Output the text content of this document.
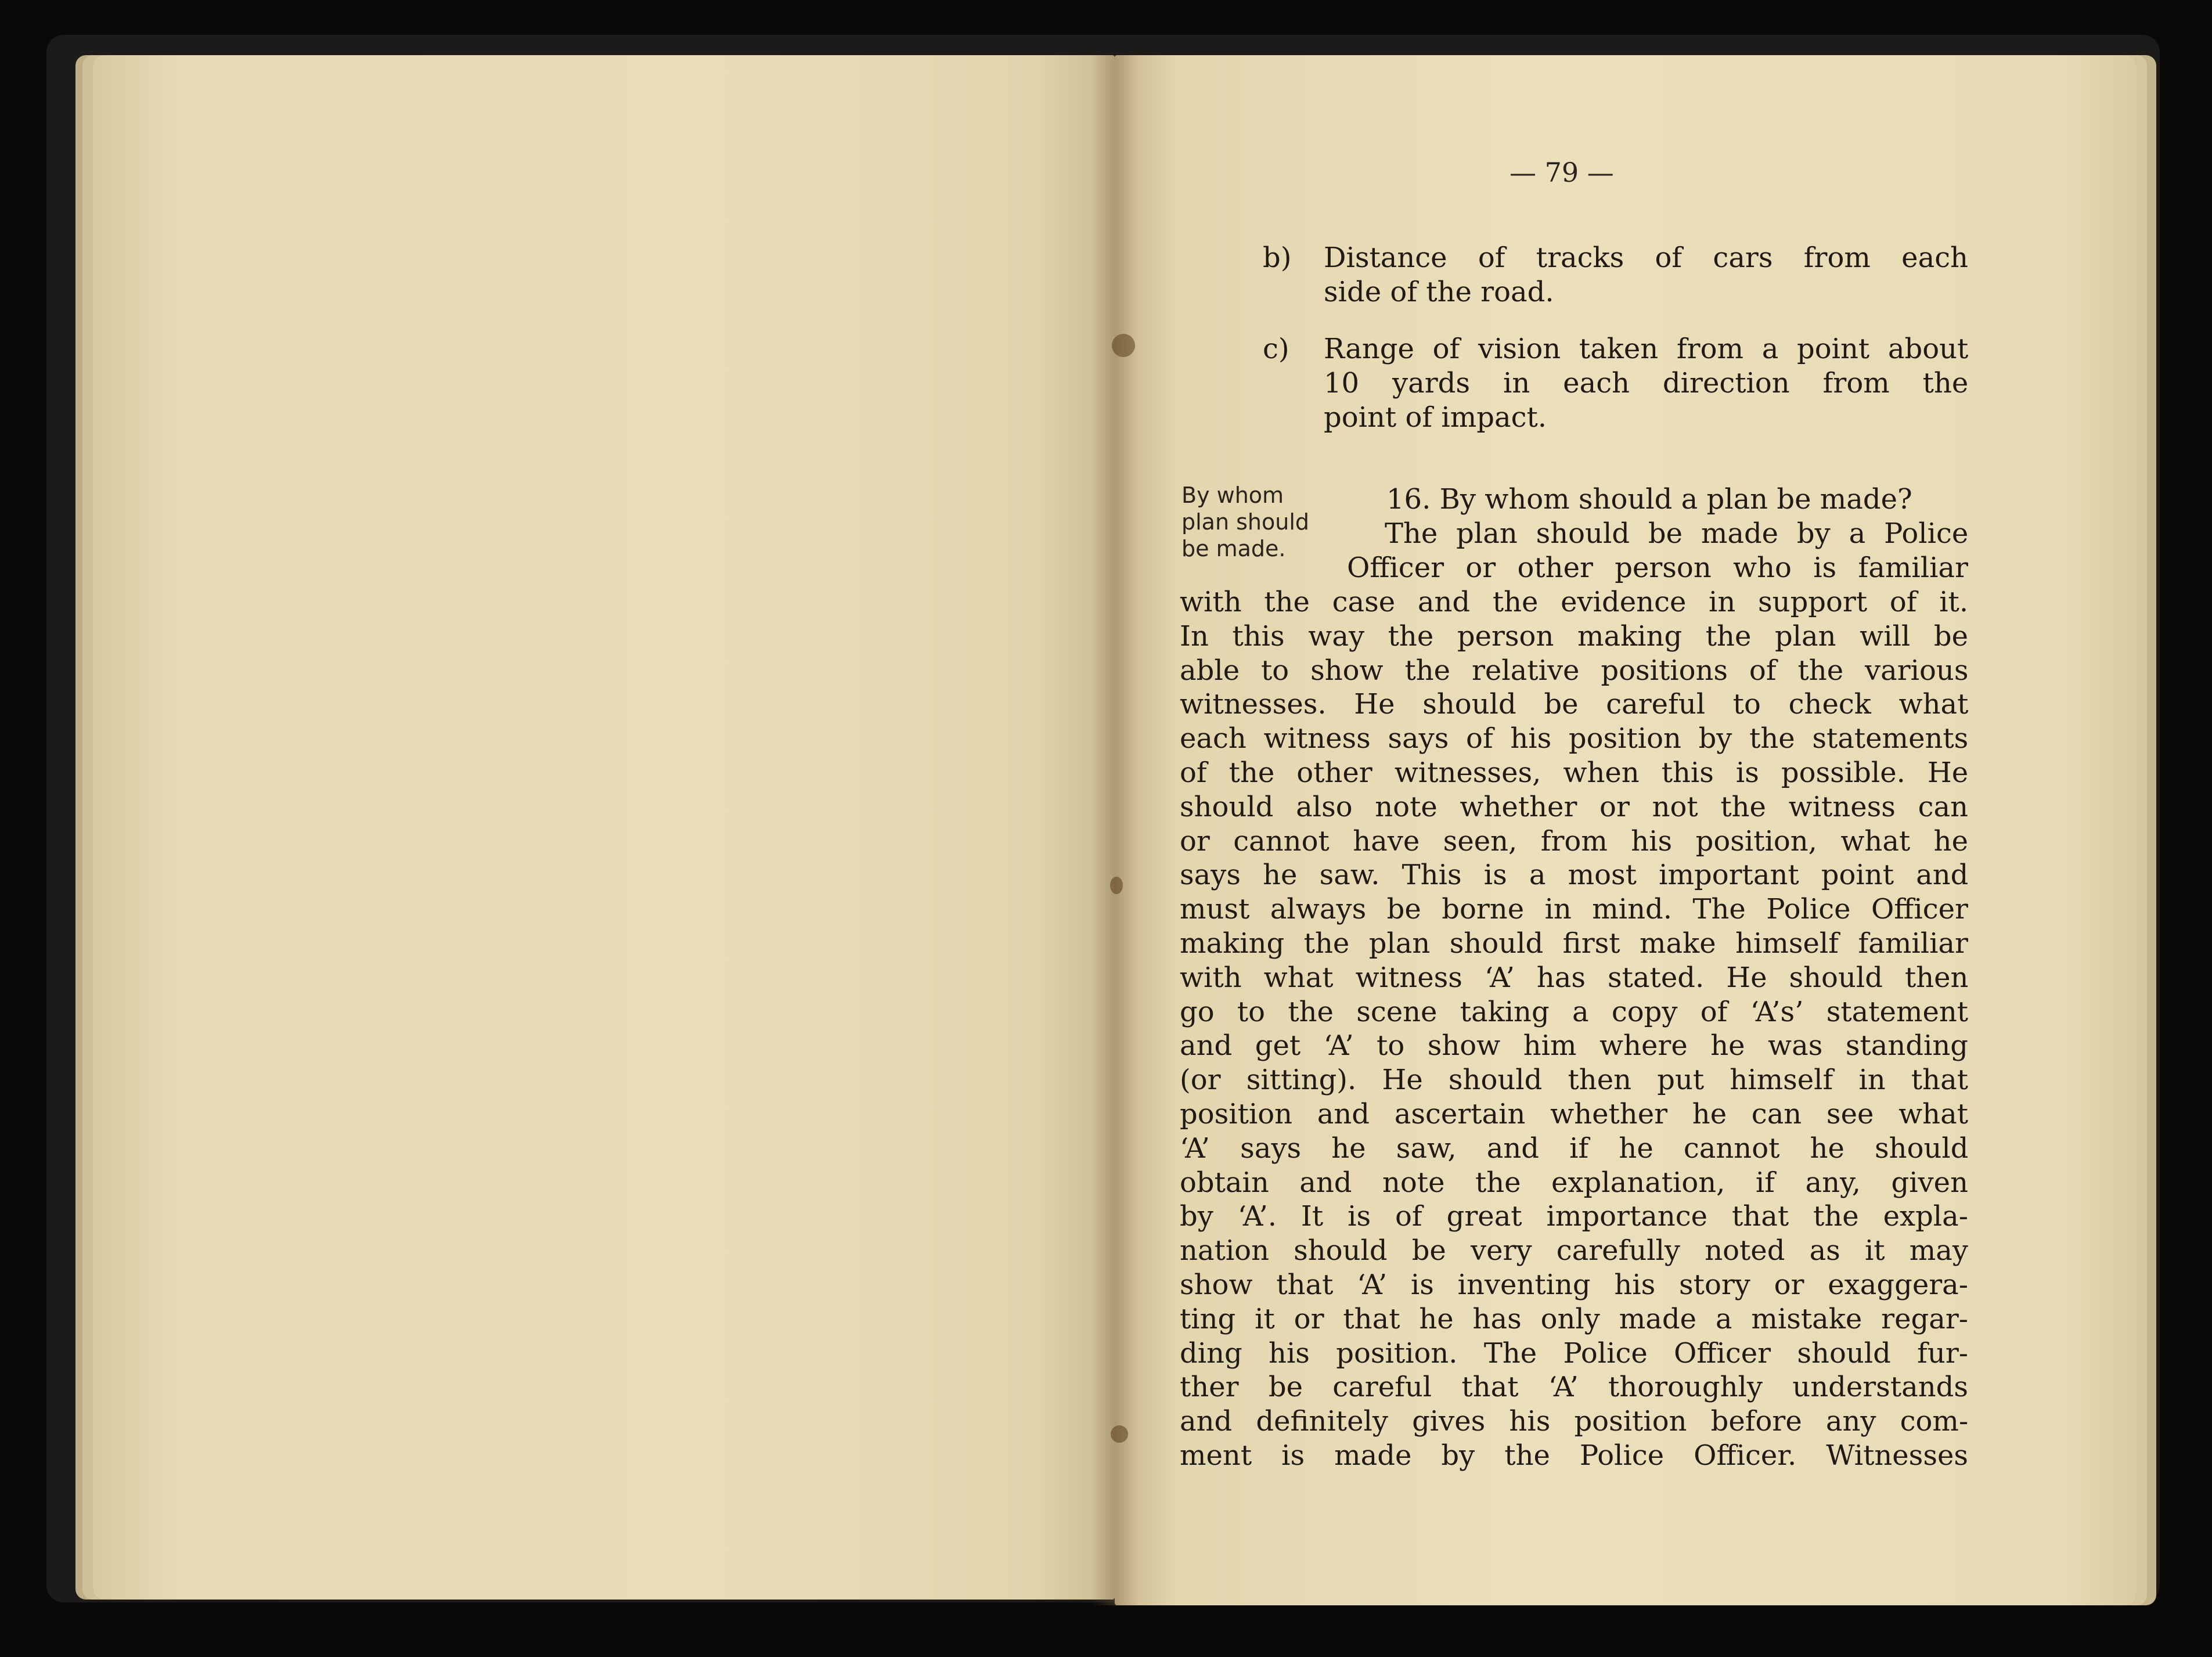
— 79 —
b) Distance of tracks of cars from each
side of the road.
c) Range of vision taken from a point about
10 yards in each direction from the
point of impact.
By whom
plan should
be made.
16. By whom should a plan be made?
The plan should be made by a Police
Officer or other person who is familiar
with the case and the evidence in support of it.
In this way the person making the plan will be
able to show the relative positions of the various
witnesses. He should be careful to check what
each witness says of his position by the statements
of the other witnesses, when this is possible. He
should also note whether or not the witness can
or cannot have seen, from his position, what he
says he saw. This is a most important point and
must always be borne in mind. The Police Officer
making the plan should first make himself familiar
with what witness ‘A’ has stated. He should then
go to the scene taking a copy of ‘A’s’ statement
and get ‘A’ to show him where he was standing
(or sitting). He should then put himself in that
position and ascertain whether he can see what
‘A’ says he saw, and if he cannot he should
obtain and note the explanation, if any, given
by ‘A’. It is of great importance that the expla-
nation should be very carefully noted as it may
show that ‘A’ is inventing his story or exaggera-
ting it or that he has only made a mistake regar-
ding his position. The Police Officer should fur-
ther be careful that ‘A’ thoroughly understands
and definitely gives his position before any com-
ment is made by the Police Officer. Witnesses
